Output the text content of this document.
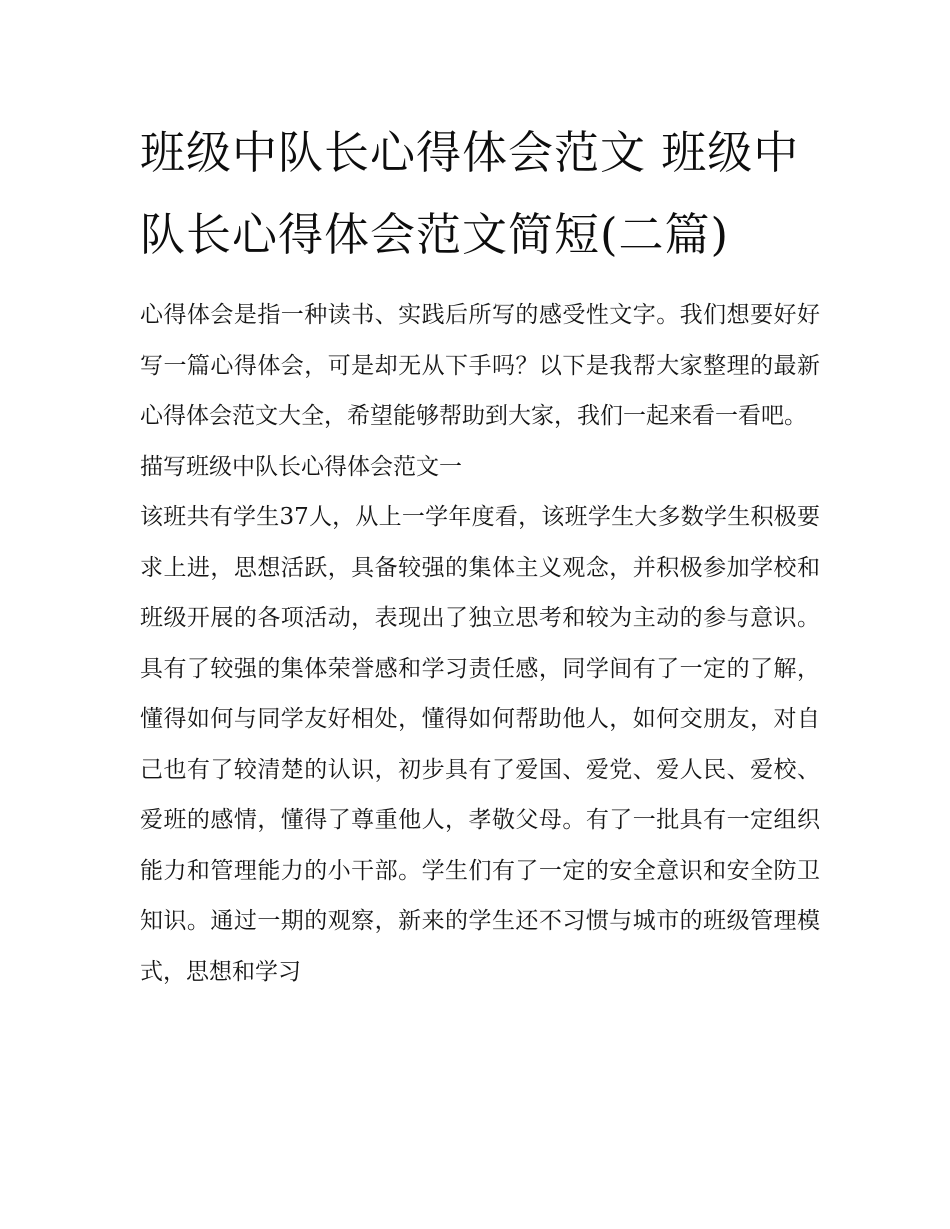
班级中队长心得体会范文 班级中队长心得体会范文简短(二篇)

心得体会是指一种读书、实践后所写的感受性文字。我们想要好好写一篇心得体会，可是却无从下手吗？以下是我帮大家整理的最新心得体会范文大全，希望能够帮助到大家，我们一起来看一看吧。

描写班级中队长心得体会范文一

该班共有学生37人，从上一学年度看，该班学生大多数学生积极要求上进，思想活跃，具备较强的集体主义观念，并积极参加学校和班级开展的各项活动，表现出了独立思考和较为主动的参与意识。具有了较强的集体荣誉感和学习责任感，同学间有了一定的了解，懂得如何与同学友好相处，懂得如何帮助他人，如何交朋友，对自己也有了较清楚的认识，初步具有了爱国、爱党、爱人民、爱校、爱班的感情，懂得了尊重他人，孝敬父母。有了一批具有一定组织能力和管理能力的小干部。学生们有了一定的安全意识和安全防卫知识。通过一期的观察，新来的学生还不习惯与城市的班级管理模式，思想和学习
